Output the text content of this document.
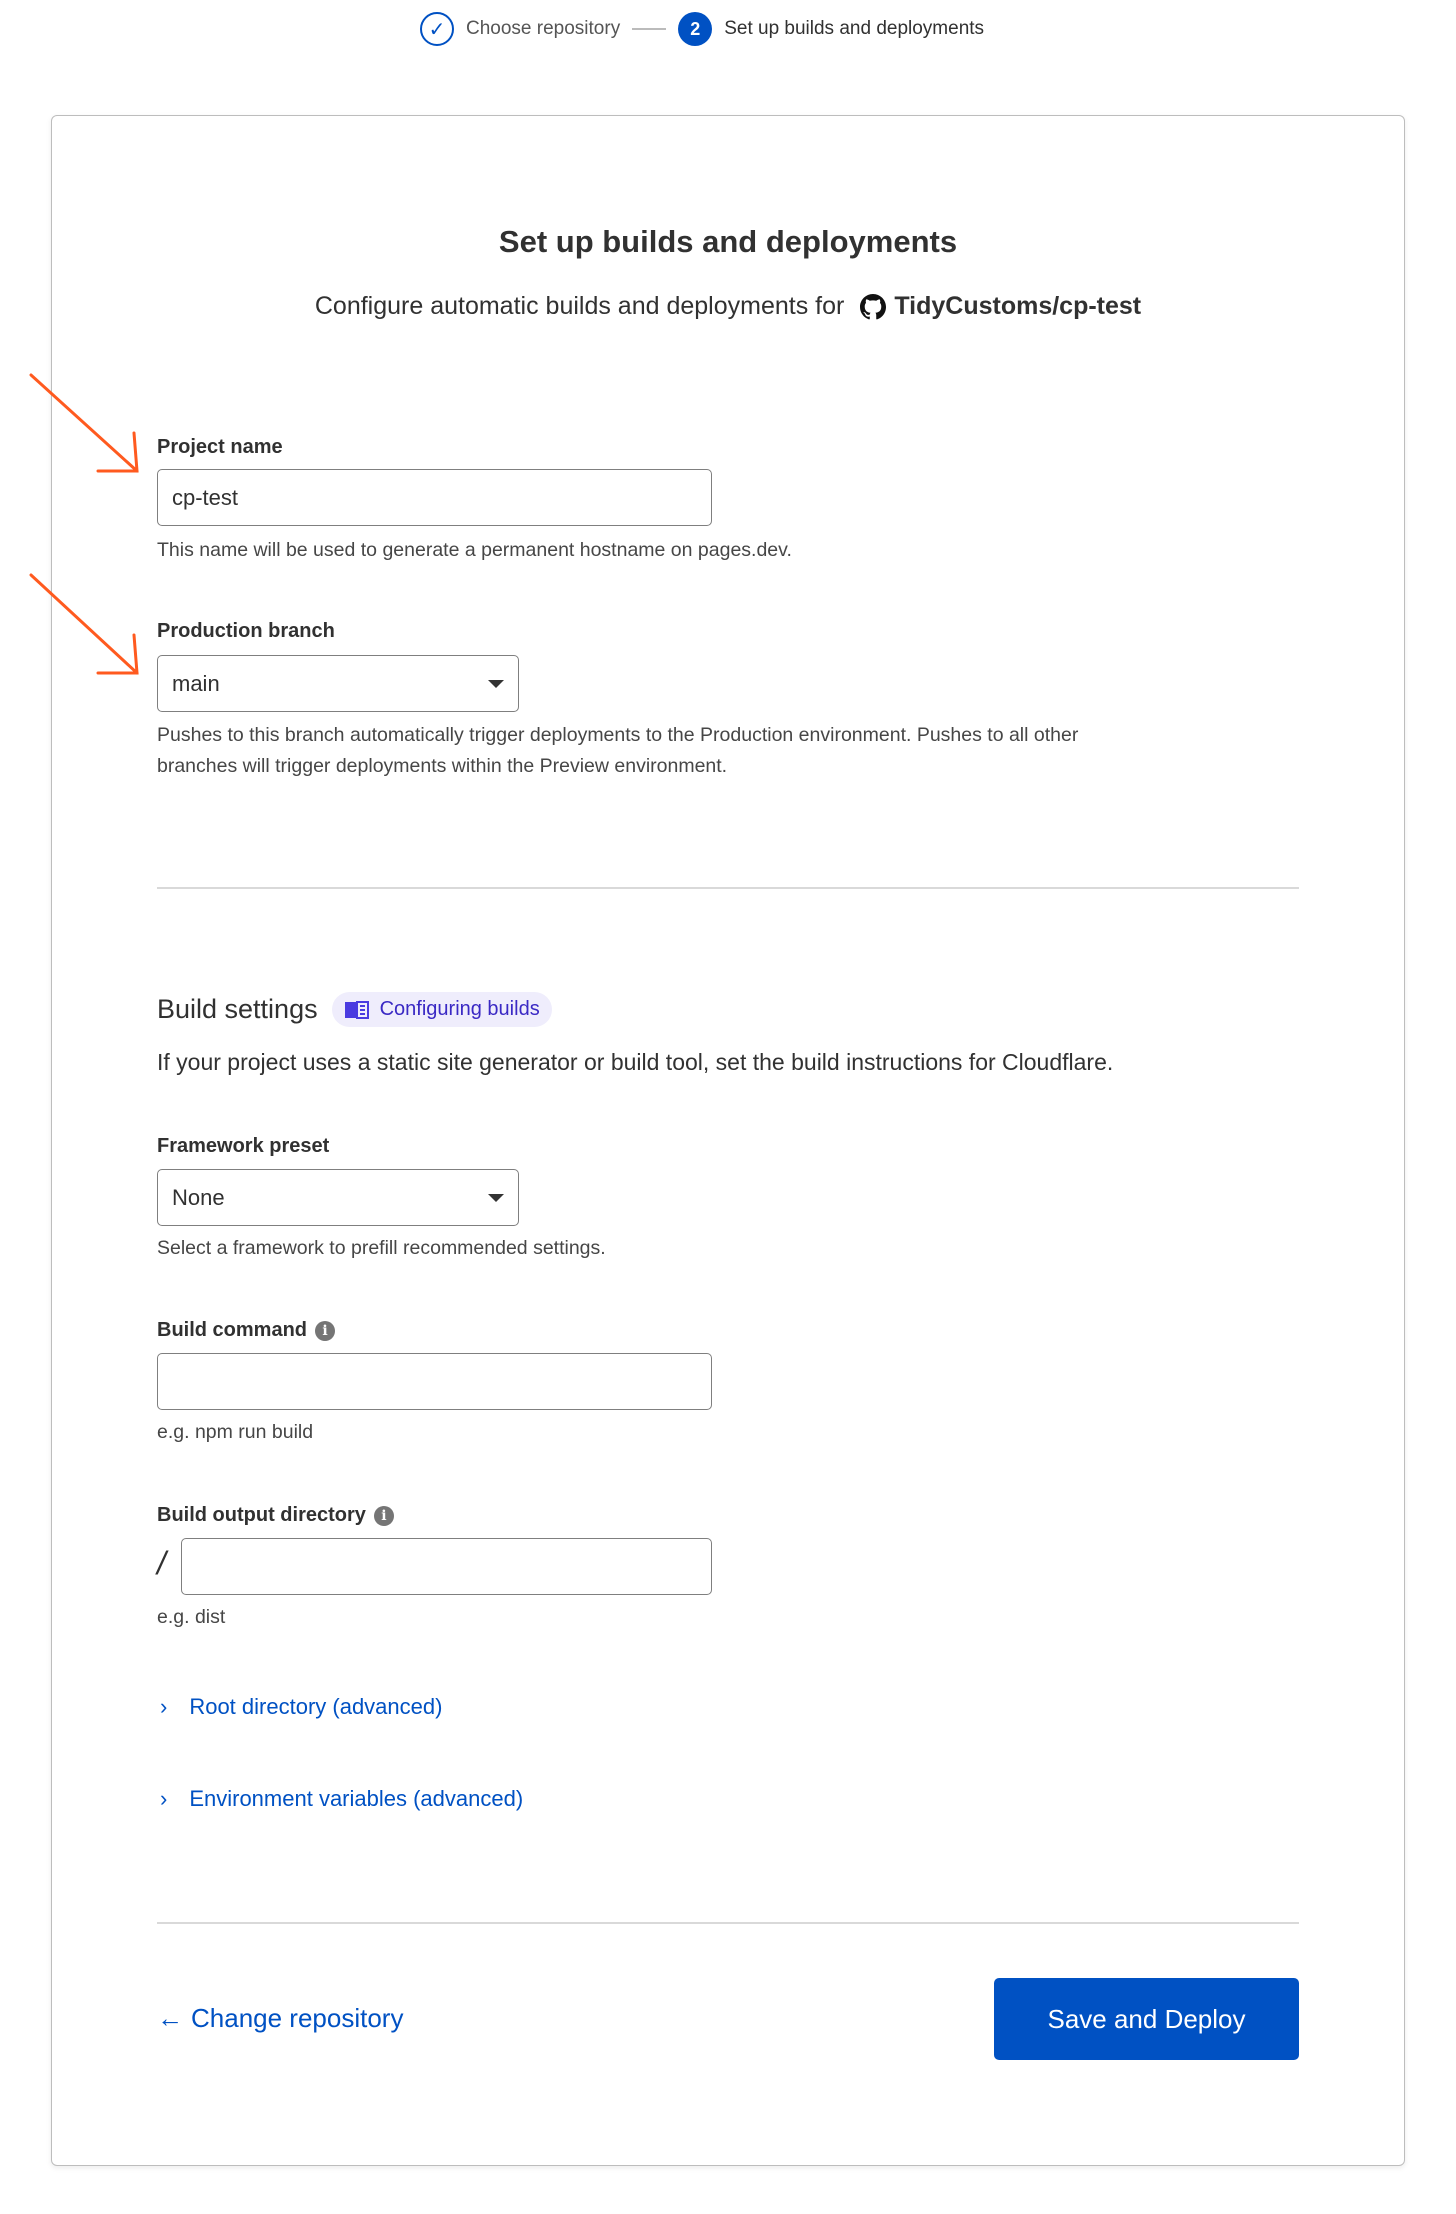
✓	Choose repository	2	Set up builds and deployments
Set up builds and deployments
Configure automatic builds and deployments for TidyCustoms/cp-test
Project name
cp-test
This name will be used to generate a permanent hostname on pages.dev.
Production branch
main
Pushes to this branch automatically trigger deployments to the Production environment. Pushes to all other
branches will trigger deployments within the Preview environment.
Build settings	Configuring builds
If your project uses a static site generator or build tool, set the build instructions for Cloudflare.
Framework preset
None
Select a framework to prefill recommended settings.
Build command	i
e.g. npm run build
Build output directory	i
/
e.g. dist
› Root directory (advanced)
› Environment variables (advanced)
← Change repository	Save and Deploy
